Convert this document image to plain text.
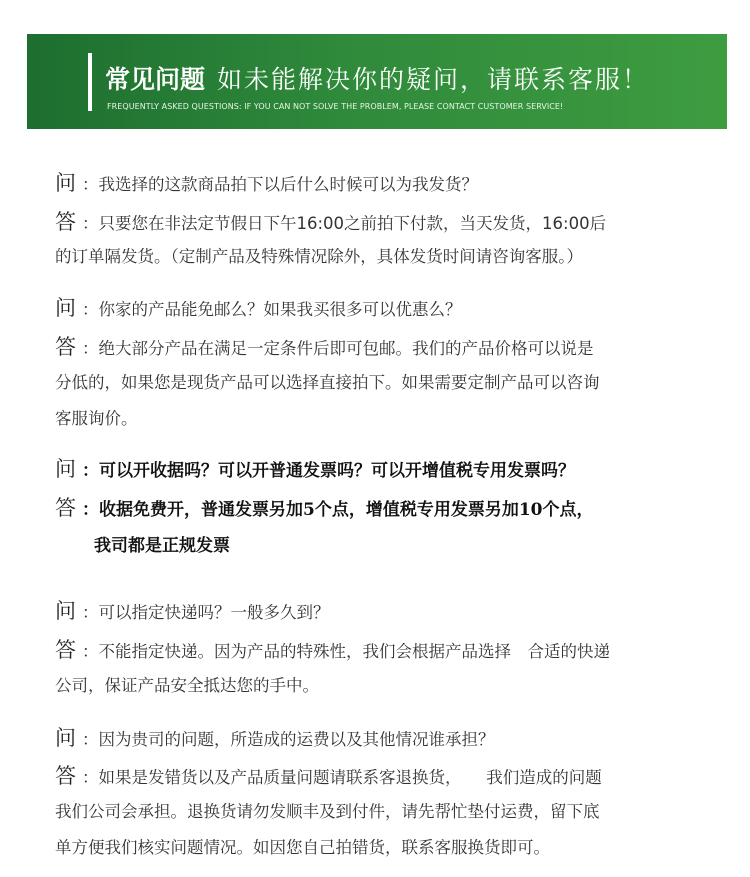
常见问题 如未能解决你的疑问，请联系客服！
FREQUENTLY ASKED QUESTIONS: IF YOU CAN NOT SOLVE THE PROBLEM, PLEASE CONTACT CUSTOMER SERVICE!
问 ：我选择的这款商品拍下以后什么时候可以为我发货？
答 ：只要您在非法定节假日下午16:00之前拍下付款，当天发货，16:00后
的订单隔发货。（定制产品及特殊情况除外，具体发货时间请咨询客服。）
问 ：你家的产品能免邮么？如果我买很多可以优惠么？
答 ：绝大部分产品在满足一定条件后即可包邮。我们的产品价格可以说是
分低的，如果您是现货产品可以选择直接拍下。如果需要定制产品可以咨询
客服询价。
问 ：可以开收据吗？可以开普通发票吗？可以开增值税专用发票吗？
答 ：收据免费开，普通发票另加5个点，增值税专用发票另加10个点，
我司都是正规发票
问 ：可以指定快递吗？一般多久到？
答 ：不能指定快递。因为产品的特殊性，我们会根据产品选择　合适的快递
公司，保证产品安全抵达您的手中。
问 ：因为贵司的问题，所造成的运费以及其他情况谁承担？
答 ：如果是发错货以及产品质量问题请联系客退换货，　　我们造成的问题
我们公司会承担。退换货请勿发顺丰及到付件，请先帮忙垫付运费，留下底
单方便我们核实问题情况。如因您自己拍错货，联系客服换货即可。
